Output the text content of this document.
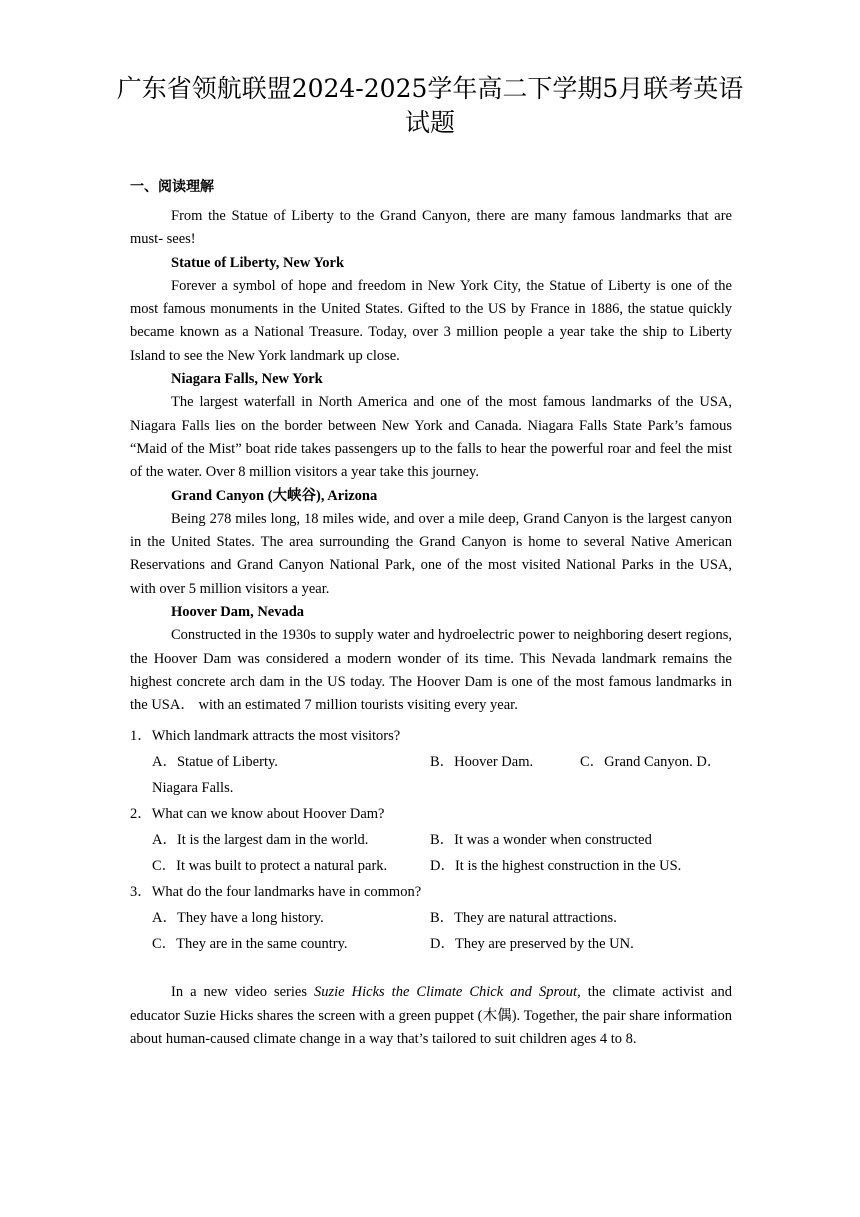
广东省领航联盟2024-2025学年高二下学期5月联考英语
试题
一、阅读理解

From the Statue of Liberty to the Grand Canyon, there are many famous landmarks that are must- sees!

Statue of Liberty, New York

Forever a symbol of hope and freedom in New York City, the Statue of Liberty is one of the most famous monuments in the United States. Gifted to the US by France in 1886, the statue quickly became known as a National Treasure. Today, over 3 million people a year take the ship to Liberty Island to see the New York landmark up close.

Niagara Falls, New York

The largest waterfall in North America and one of the most famous landmarks of the USA, Niagara Falls lies on the border between New York and Canada. Niagara Falls State Park’s famous “Maid of the Mist” boat ride takes passengers up to the falls to hear the powerful roar and feel the mist of the water. Over 8 million visitors a year take this journey.

Grand Canyon (大峡谷), Arizona

Being 278 miles long, 18 miles wide, and over a mile deep, Grand Canyon is the largest canyon in the United States. The area surrounding the Grand Canyon is home to several Native American Reservations and Grand Canyon National Park, one of the most visited National Parks in the USA, with over 5 million visitors a year.

Hoover Dam, Nevada

Constructed in the 1930s to supply water and hydroelectric power to neighboring desert regions, the Hoover Dam was considered a modern wonder of its time. This Nevada landmark remains the highest concrete arch dam in the US today. The Hoover Dam is one of the most famous landmarks in the USA． with an estimated 7 million tourists visiting every year.

1．Which landmark attracts the most visitors?

A．Statue of Liberty.	B．Hoover Dam.	C．Grand Canyon. D．

Niagara Falls.

2．What can we know about Hoover Dam?

A．It is the largest dam in the world.	B．It was a wonder when constructed
C．It was built to protect a natural park.	D．It is the highest construction in the US.

3．What do the four landmarks have in common?

A．They have a long history.	B．They are natural attractions.
C．They are in the same country.	D．They are preserved by the UN.

In a new video series Suzie Hicks the Climate Chick and Sprout, the climate activist and educator Suzie Hicks shares the screen with a green puppet (木偶). Together, the pair share information about human-caused climate change in a way that’s tailored to suit children ages 4 to 8.
